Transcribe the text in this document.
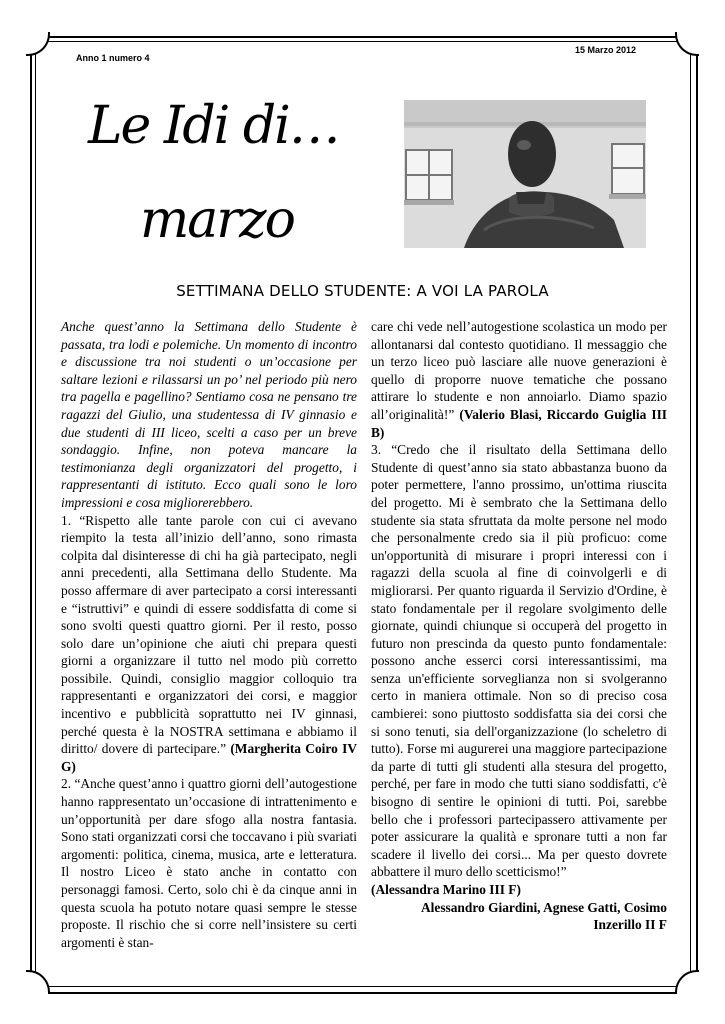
Anno 1 numero 4
15 Marzo 2012
Le Idi di…
marzo
SETTIMANA DELLO STUDENTE: A VOI LA PAROLA

Anche quest’anno la Settimana dello Studente è passata, tra lodi e polemiche. Un momento di incontro e discussione tra noi studenti o un’occasione per saltare lezioni e rilassarsi un po’ nel periodo più nero tra pagella e pagellino? Sentiamo cosa ne pensano tre ragazzi del Giulio, una studentessa di IV ginnasio e due studenti di III liceo, scelti a caso per un breve sondaggio. Infine, non poteva mancare la testimonianza degli organizzatori del progetto, i rappresentanti di istituto. Ecco quali sono le loro impressioni e cosa migliorerebbero.

1. “Rispetto alle tante parole con cui ci avevano riempito la testa all’inizio dell’anno, sono rimasta colpita dal disinteresse di chi ha già partecipato, negli anni precedenti, alla Settimana dello Studente. Ma posso affermare di aver partecipato a corsi interessanti e “istruttivi” e quindi di essere soddisfatta di come si sono svolti questi quattro giorni. Per il resto, posso solo dare un’opinione che aiuti chi prepara questi giorni a organizzare il tutto nel modo più corretto possibile. Quindi, consiglio maggior colloquio tra rappresentanti e organizzatori dei corsi, e maggior incentivo e pubblicità soprattutto nei IV ginnasi, perché questa è la NOSTRA settimana e abbiamo il diritto/ dovere di partecipare.” (Margherita Coiro IV G)

2. “Anche quest’anno i quattro giorni dell’autogestione hanno rappresentato un’occasione di intrattenimento e un’opportunità per dare sfogo alla nostra fantasia. Sono stati organizzati corsi che toccavano i più svariati argomenti: politica, cinema, musica, arte e letteratura. Il nostro Liceo è stato anche in contatto con personaggi famosi. Certo, solo chi è da cinque anni in questa scuola ha potuto notare quasi sempre le stesse proposte. Il rischio che si corre nell’insistere su certi argomenti è stan-

care chi vede nell’autogestione scolastica un modo per allontanarsi dal contesto quotidiano. Il messaggio che un terzo liceo può lasciare alle nuove generazioni è quello di proporre nuove tematiche che possano attirare lo studente e non annoiarlo. Diamo spazio all’originalità!” (Valerio Blasi, Riccardo Guiglia III B)

3. “Credo che il risultato della Settimana dello Studente di quest’anno sia stato abbastanza buono da poter permettere, l'anno prossimo, un'ottima riuscita del progetto. Mi è sembrato che la Settimana dello studente sia stata sfruttata da molte persone nel modo che personalmente credo sia il più proficuo: come un'opportunità di misurare i propri interessi con i ragazzi della scuola al fine di coinvolgerli e di migliorarsi. Per quanto riguarda il Servizio d'Ordine, è stato fondamentale per il regolare svolgimento delle giornate, quindi chiunque si occuperà del progetto in futuro non prescinda da questo punto fondamentale: possono anche esserci corsi interessantissimi, ma senza un'efficiente sorveglianza non si svolgeranno certo in maniera ottimale. Non so di preciso cosa cambierei: sono piuttosto soddisfatta sia dei corsi che si sono tenuti, sia dell'organizzazione (lo scheletro di tutto). Forse mi augurerei una maggiore partecipazione da parte di tutti gli studenti alla stesura del progetto, perché, per fare in modo che tutti siano soddisfatti, c'è bisogno di sentire le opinioni di tutti. Poi, sarebbe bello che i professori partecipassero attivamente per poter assicurare la qualità e spronare tutti a non far scadere il livello dei corsi... Ma per questo dovrete abbattere il muro dello scetticismo!”

(Alessandra Marino III F)

Alessandro Giardini, Agnese Gatti, Cosimo Inzerillo II F
